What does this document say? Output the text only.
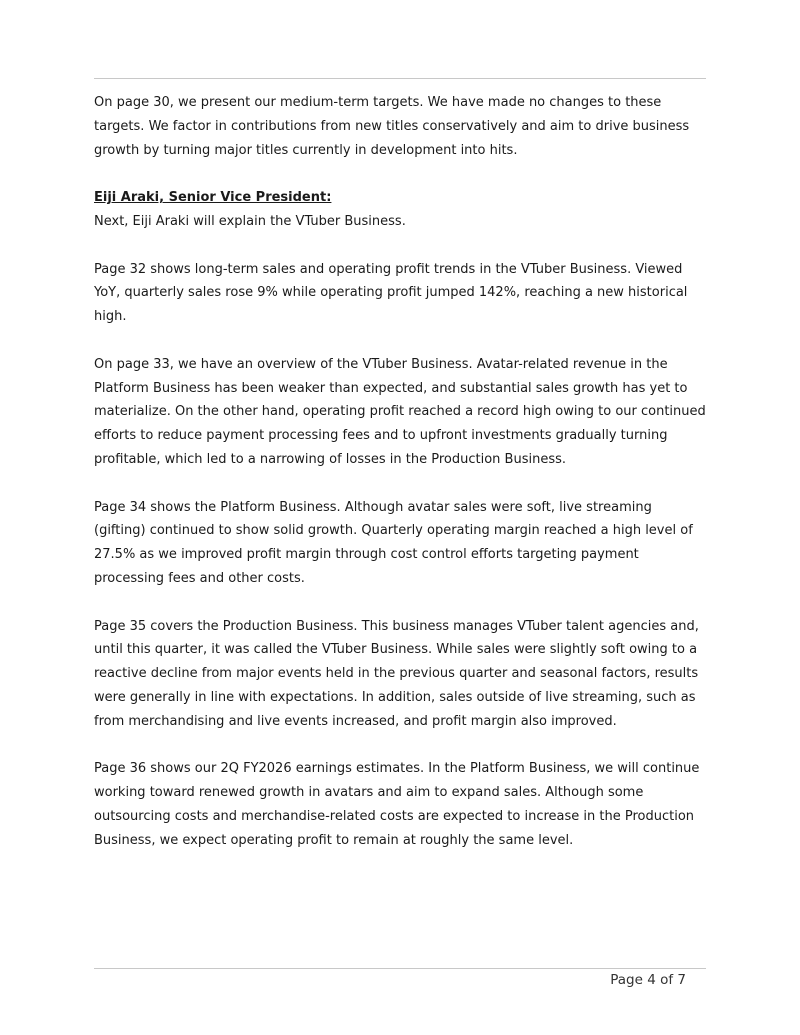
On page 30, we present our medium-term targets. We have made no changes to these targets. We factor in contributions from new titles conservatively and aim to drive business growth by turning major titles currently in development into hits.

Eiji Araki, Senior Vice President:
Next, Eiji Araki will explain the VTuber Business.

Page 32 shows long-term sales and operating profit trends in the VTuber Business. Viewed YoY, quarterly sales rose 9% while operating profit jumped 142%, reaching a new historical high.

On page 33, we have an overview of the VTuber Business. Avatar-related revenue in the Platform Business has been weaker than expected, and substantial sales growth has yet to materialize. On the other hand, operating profit reached a record high owing to our continued efforts to reduce payment processing fees and to upfront investments gradually turning profitable, which led to a narrowing of losses in the Production Business.

Page 34 shows the Platform Business. Although avatar sales were soft, live streaming (gifting) continued to show solid growth. Quarterly operating margin reached a high level of 27.5% as we improved profit margin through cost control efforts targeting payment processing fees and other costs.

Page 35 covers the Production Business. This business manages VTuber talent agencies and, until this quarter, it was called the VTuber Business. While sales were slightly soft owing to a reactive decline from major events held in the previous quarter and seasonal factors, results were generally in line with expectations. In addition, sales outside of live streaming, such as from merchandising and live events increased, and profit margin also improved.

Page 36 shows our 2Q FY2026 earnings estimates. In the Platform Business, we will continue working toward renewed growth in avatars and aim to expand sales. Although some outsourcing costs and merchandise-related costs are expected to increase in the Production Business, we expect operating profit to remain at roughly the same level.

Page 4 of 7
